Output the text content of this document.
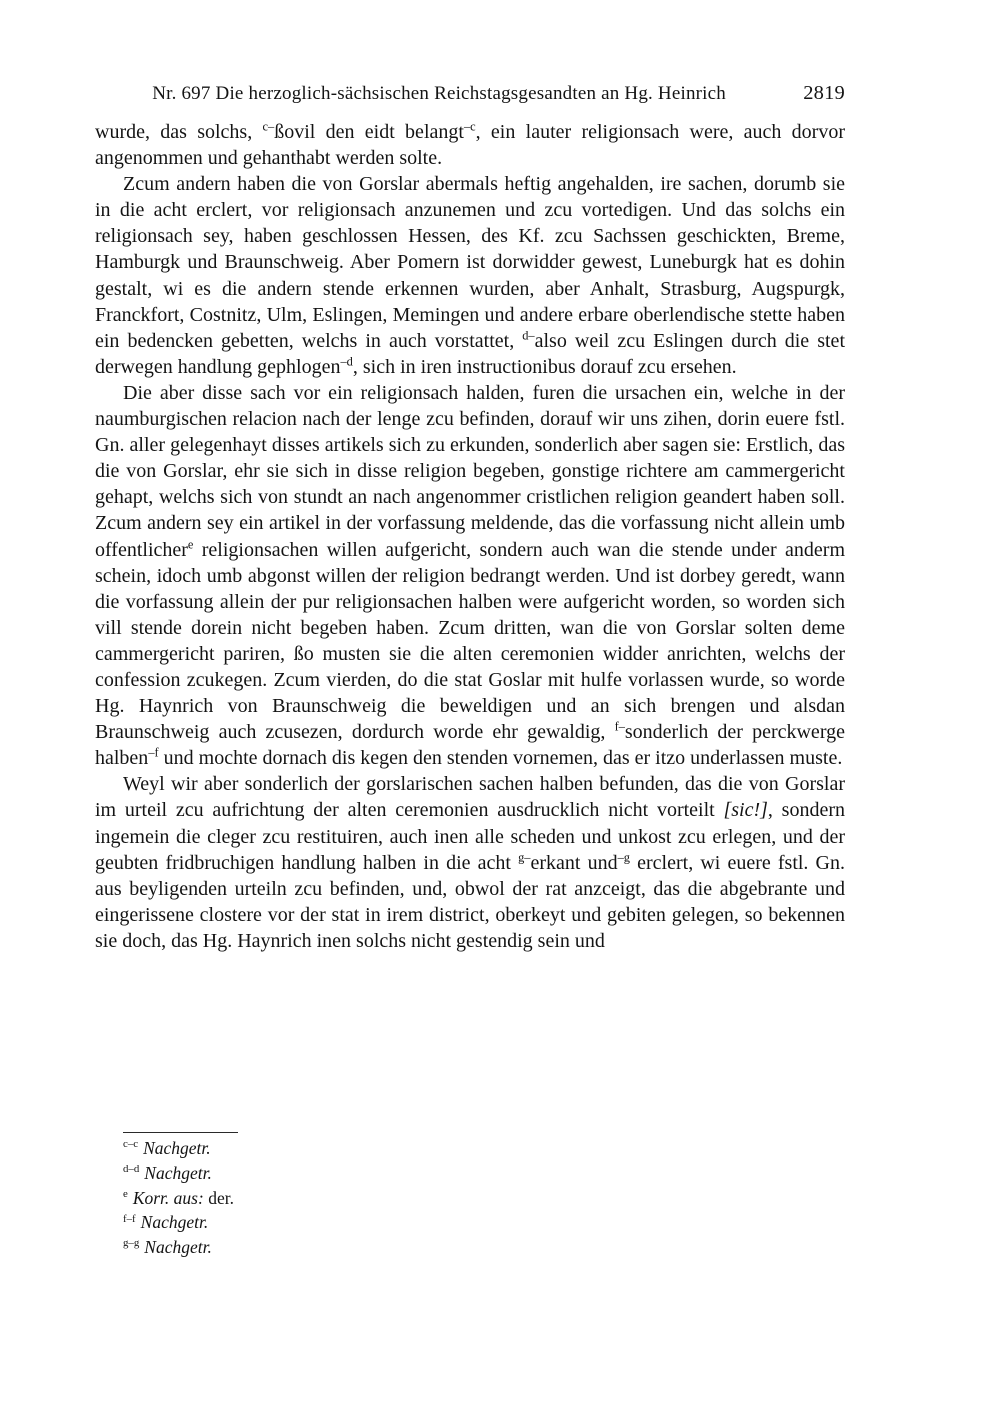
Nr. 697 Die herzoglich-sächsischen Reichstagsgesandten an Hg. Heinrich	2819

wurde, das solchs, $^{c-}$ßovil den eidt belangt$^{-c}$, ein lauter religionsach were, auch dorvor angenommen und gehanthabt werden solte.

Zcum andern haben die von Gorslar abermals heftig angehalden, ire sachen, dorumb sie in die acht erclert, vor religionsach anzunemen und zcu vortedigen. Und das solchs ein religionsach sey, haben geschlossen Hessen, des Kf. zcu Sachssen geschickten, Breme, Hamburgk und Braunschweig. Aber Pomern ist dorwidder gewest, Luneburgk hat es dohin gestalt, wi es die andern stende erkennen wurden, aber Anhalt, Strasburg, Augspurgk, Franckfort, Costnitz, Ulm, Eslingen, Memingen und andere erbare oberlendische stette haben ein bedencken gebetten, welchs in auch vorstattet, $^{d-}$also weil zcu Eslingen durch die stet derwegen handlung gephlogen$^{-d}$, sich in iren instructionibus dorauf zcu ersehen.

Die aber disse sach vor ein religionsach halden, furen die ursachen ein, welche in der naumburgischen relacion nach der lenge zcu befinden, dorauf wir uns zihen, dorin euere fstl. Gn. aller gelegenhayt disses artikels sich zu erkunden, sonderlich aber sagen sie: Erstlich, das die von Gorslar, ehr sie sich in disse religion begeben, gonstige richtere am cammergericht gehapt, welchs sich von stundt an nach angenommer cristlichen religion geandert haben soll. Zcum andern sey ein artikel in der vorfassung meldende, das die vorfassung nicht allein umb offentlicher$^e$ religionsachen willen aufgericht, sondern auch wan die stende under anderm schein, idoch umb abgonst willen der religion bedrangt werden. Und ist dorbey geredt, wann die vorfassung allein der pur religionsachen halben were aufgericht worden, so worden sich vill stende dorein nicht begeben haben. Zcum dritten, wan die von Gorslar solten deme cammergericht pariren, ßo musten sie die alten ceremonien widder anrichten, welchs der confession zcukegen. Zcum vierden, do die stat Goslar mit hulfe vorlassen wurde, so worde Hg. Haynrich von Braunschweig die beweldigen und an sich brengen und alsdan Braunschweig auch zcusezen, dordurch worde ehr gewaldig, $^{f-}$sonderlich der perckwerge halben$^{-f}$ und mochte dornach dis kegen den stenden vornemen, das er itzo underlassen muste.

Weyl wir aber sonderlich der gorslarischen sachen halben befunden, das die von Gorslar im urteil zcu aufrichtung der alten ceremonien ausdrucklich nicht vorteilt [sic!], sondern ingemein die cleger zcu restituiren, auch inen alle scheden und unkost zcu erlegen, und der geubten fridbruchigen handlung halben in die acht $^{g-}$erkant und$^{-g}$ erclert, wi euere fstl. Gn. aus beyligenden urteiln zcu befinden, und, obwol der rat anzceigt, das die abgebrante und eingerissene clostere vor der stat in irem district, oberkeyt und gebiten gelegen, so bekennen sie doch, das Hg. Haynrich inen solchs nicht gestendig sein und

$^{c-c}$ Nachgetr.
$^{d-d}$ Nachgetr.
$^e$ Korr. aus: der.
$^{f-f}$ Nachgetr.
$^{g-g}$ Nachgetr.
